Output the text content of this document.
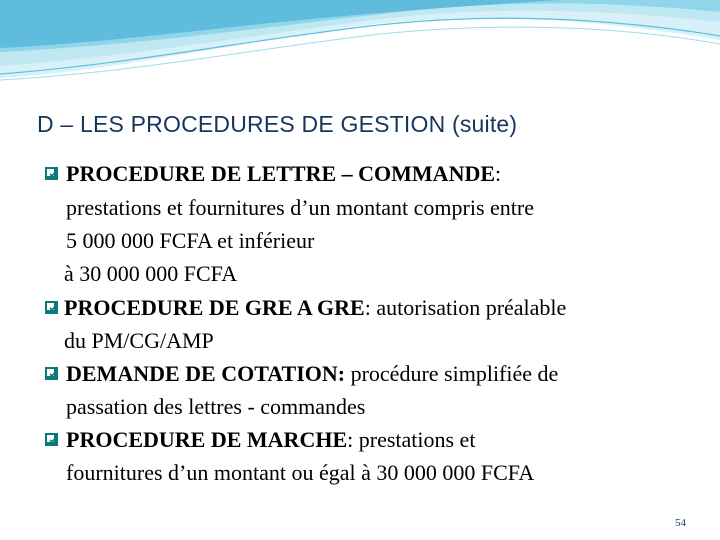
D – LES PROCEDURES DE GESTION (suite)
PROCEDURE DE LETTRE – COMMANDE:
prestations et fournitures d’un montant compris entre
5 000 000 FCFA et inférieur
à 30 000 000 FCFA
PROCEDURE DE GRE A GRE: autorisation préalable
du PM/CG/AMP
DEMANDE DE COTATION: procédure simplifiée de
passation des lettres - commandes
PROCEDURE DE MARCHE: prestations et
fournitures d’un montant ou égal à 30 000 000 FCFA
54
